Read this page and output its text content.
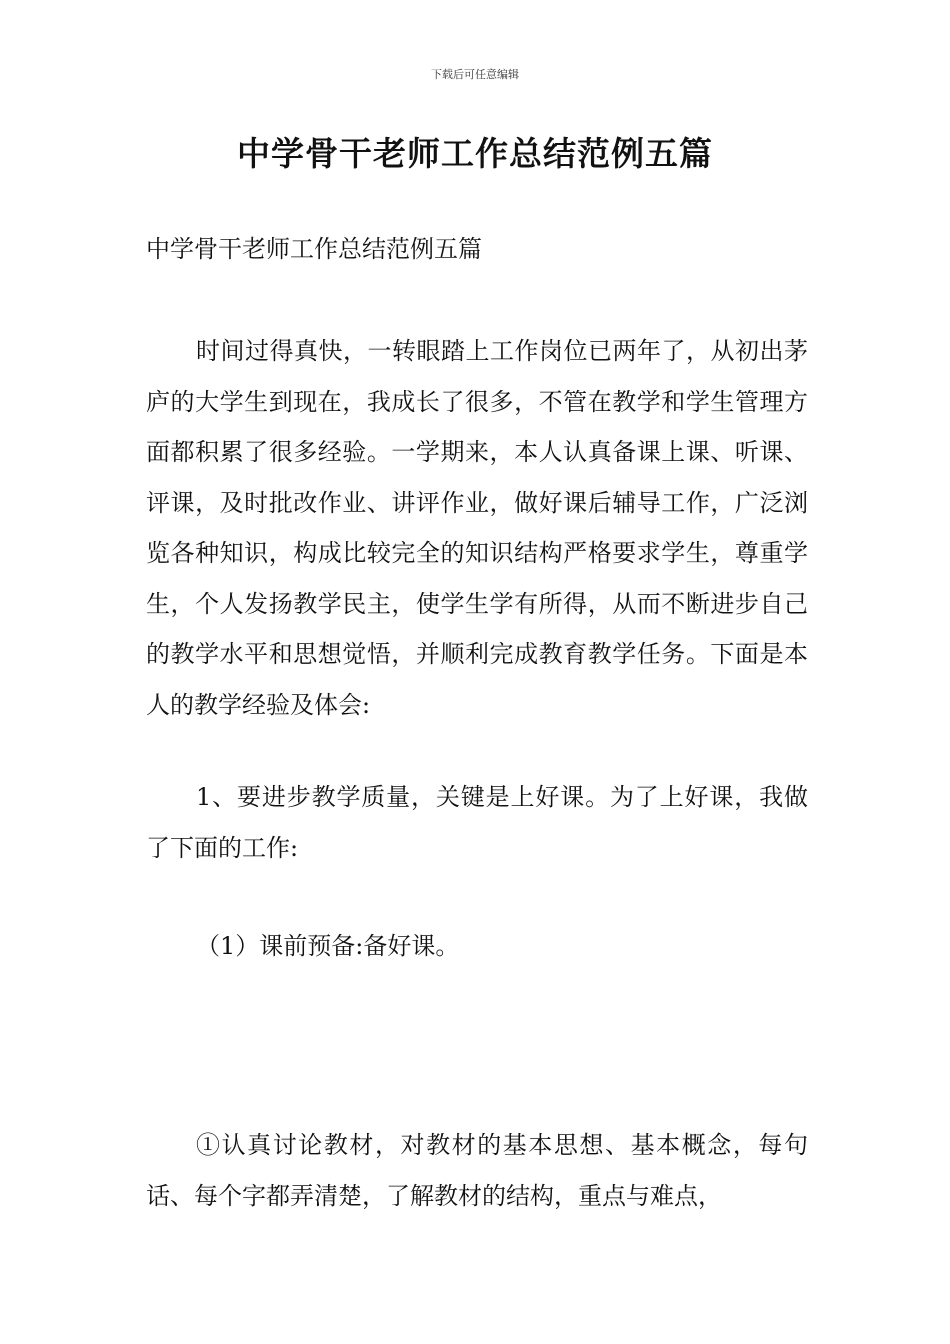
下载后可任意编辑
中学骨干老师工作总结范例五篇
中学骨干老师工作总结范例五篇

时间过得真快，一转眼踏上工作岗位已两年了，从初出茅庐的大学生到现在，我成长了很多，不管在教学和学生管理方面都积累了很多经验。一学期来，本人认真备课上课、听课、评课，及时批改作业、讲评作业，做好课后辅导工作，广泛浏览各种知识，构成比较完全的知识结构严格要求学生，尊重学生，个人发扬教学民主，使学生学有所得，从而不断进步自己的教学水平和思想觉悟，并顺利完成教育教学任务。下面是本人的教学经验及体会:

1、要进步教学质量，关键是上好课。为了上好课，我做了下面的工作:

（1）课前预备:备好课。

①认真讨论教材，对教材的基本思想、基本概念，每句话、每个字都弄清楚，了解教材的结构，重点与难点，
